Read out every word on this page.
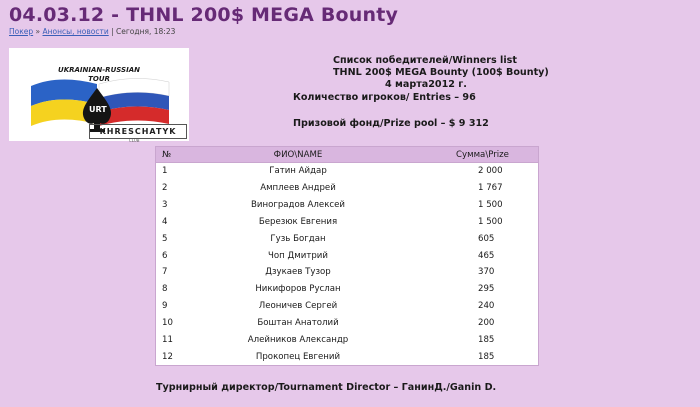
04.03.12 - THNL 200$ MEGA Bounty
Покер » Анонсы, новости | Сегодня, 18:23
UKRAINIAN-RUSSIAN
TOUR
URT
KHRESCHATYK
CLUB
Список победителей/Winners list
THNL 200$ MEGA Bounty (100$ Bounty)
4 марта2012 г.
Количество игроков/ Entries – 96
Призовой фонд/Prize pool – $ 9 312
№	ФИО\NAME	Сумма\Prize
1	Гатин Айдар	2 000
2	Амплеев Андрей	1 767
3	Виноградов Алексей	1 500
4	Березюк Евгения	1 500
5	Гузь Богдан	605
6	Чоп Дмитрий	465
7	Дзукаев Тузор	370
8	Никифоров Руслан	295
9	Леоничев Сергей	240
10	Боштан Анатолий	200
11	Алейников Александр	185
12	Прокопец Евгений	185
Турнирный директор/Tournament Director – ГанинД./Ganin D.
